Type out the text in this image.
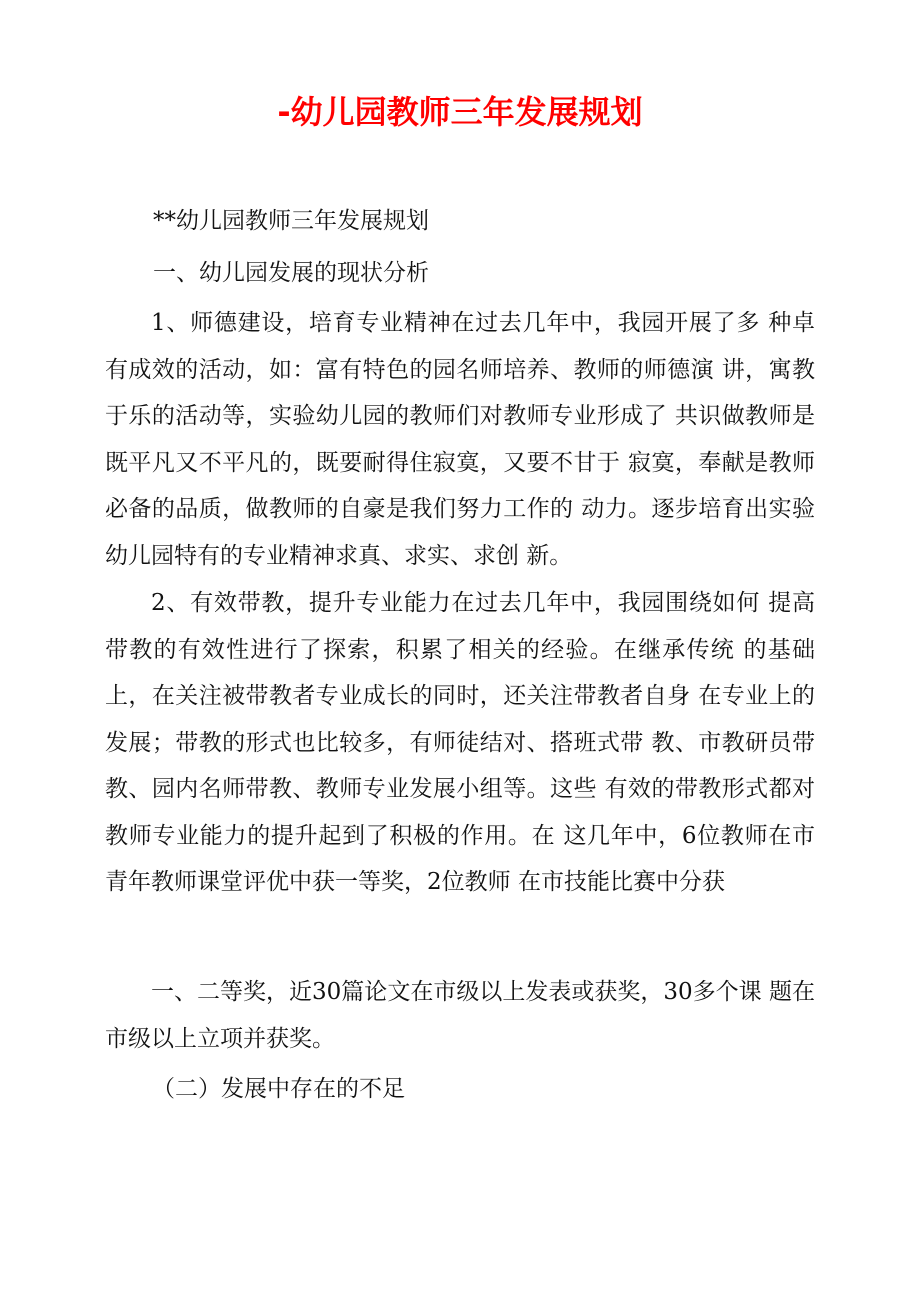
-幼儿园教师三年发展规划

**幼儿园教师三年发展规划

一、幼儿园发展的现状分析

1、师德建设，培育专业精神在过去几年中，我园开展了多 种卓有成效的活动，如：富有特色的园名师培养、教师的师德演 讲，寓教于乐的活动等，实验幼儿园的教师们对教师专业形成了 共识做教师是既平凡又不平凡的，既要耐得住寂寞，又要不甘于 寂寞，奉献是教师必备的品质，做教师的自豪是我们努力工作的 动力。逐步培育出实验幼儿园特有的专业精神求真、求实、求创 新。

2、有效带教，提升专业能力在过去几年中，我园围绕如何 提高带教的有效性进行了探索，积累了相关的经验。在继承传统 的基础上，在关注被带教者专业成长的同时，还关注带教者自身 在专业上的发展；带教的形式也比较多，有师徒结对、搭班式带 教、市教研员带教、园内名师带教、教师专业发展小组等。这些 有效的带教形式都对教师专业能力的提升起到了积极的作用。在 这几年中，6位教师在市青年教师课堂评优中获一等奖，2位教师 在市技能比赛中分获

一、二等奖，近30篇论文在市级以上发表或获奖，30多个课 题在市级以上立项并获奖。

（二）发展中存在的不足
